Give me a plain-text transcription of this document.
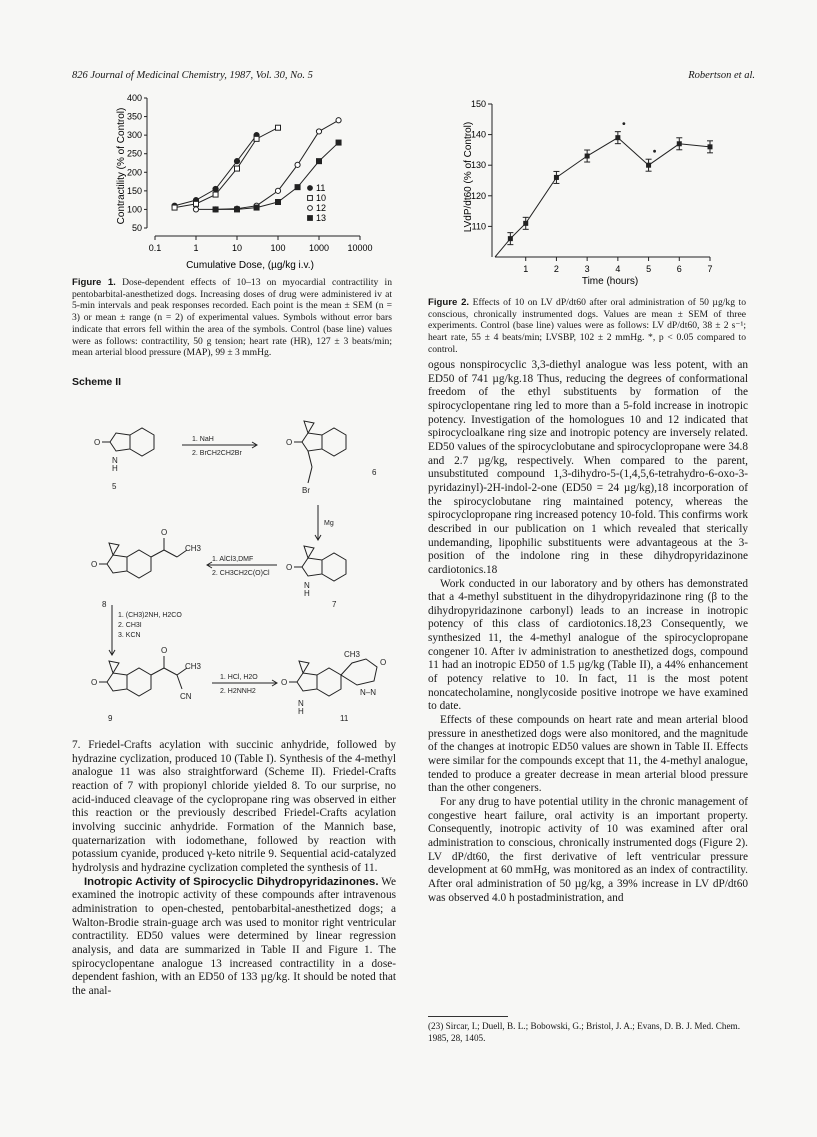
826 Journal of Medicinal Chemistry, 1987, Vol. 30, No. 5	Robertson et al.
Contractility (% of Control)
Cumulative Dose, (µg/kg i.v.)
50
100
150
200
250
300
350
400
0.1	1	10	100	1000 10000
11
10
12
13
Figure 1. Dose-dependent effects of 10–13 on myocardial contractility in pentobarbital-anesthetized dogs. Increasing doses of drug were administered iv at 5-min intervals and peak responses recorded. Each point is the mean ± SEM (n = 3) or mean ± range (n = 2) of experimental values. Symbols without error bars indicate that errors fell within the area of the symbols. Control (base line) values were as follows: contractility, 50 g tension; heart rate (HR), 127 ± 3 beats/min; mean arterial blood pressure (MAP), 99 ± 3 mmHg.
LVdP/dt60 (% of Control)
Time (hours)
110
120
130
140
150
1	2	3	4	5	6	7
Figure 2. Effects of 10 on LV dP/dt60 after oral administration of 50 µg/kg to conscious, chronically instrumented dogs. Values are mean ± SEM of three experiments. Control (base line) values were as follows: LV dP/dt60, 38 ± 2 s⁻¹; heart rate, 55 ± 4 beats/min; LVSBP, 102 ± 2 mmHg. *, p < 0.05 compared to control.
Scheme II
O
N
H
O
Br
O
N
H
O
O
CH3
O
O
CH3
CN
O
N
H
CH3
O
N–N
1. NaH
2. BrCH2CH2Br
Mg
1. AlCl3,DMF
2. CH3CH2C(O)Cl
1. (CH3)2NH, H2CO
2. CH3I
3. KCN
1. HCl, H2O
2. H2NNH2
5
6
7
8
9	11

7. Friedel-Crafts acylation with succinic anhydride, followed by hydrazine cyclization, produced 10 (Table I). Synthesis of the 4-methyl analogue 11 was also straightforward (Scheme II). Friedel-Crafts reaction of 7 with propionyl chloride yielded 8. To our surprise, no acid-induced cleavage of the cyclopropane ring was observed in either this reaction or the previously described Friedel-Crafts acylation involving succinic anhydride. Formation of the Mannich base, quaternarization with iodomethane, followed by reaction with potassium cyanide, produced γ-keto nitrile 9. Sequential acid-catalyzed hydrolysis and hydrazine cyclization completed the synthesis of 11.

Inotropic Activity of Spirocyclic Dihydropyridazinones. We examined the inotropic activity of these compounds after intravenous administration to open-chested, pentobarbital-anesthetized dogs; a Walton-Brodie strain-guage arch was used to monitor right ventricular contractility. ED50 values were determined by linear regression analysis, and data are summarized in Table II and Figure 1. The spirocyclopentane analogue 13 increased contractility in a dose-dependent fashion, with an ED50 of 133 µg/kg. It should be noted that the anal-

ogous nonspirocyclic 3,3-diethyl analogue was less potent, with an ED50 of 741 µg/kg.18 Thus, reducing the degrees of conformational freedom of the ethyl substituents by formation of the spirocyclopentane ring led to more than a 5-fold increase in inotropic potency. Investigation of the homologues 10 and 12 indicated that spirocycloalkane ring size and inotropic potency are inversely related. ED50 values of the spirocyclobutane and spirocyclopropane were 34.8 and 2.7 µg/kg, respectively. When compared to the parent, unsubstituted compound 1,3-dihydro-5-(1,4,5,6-tetrahydro-6-oxo-3-pyridazinyl)-2H-indol-2-one (ED50 = 24 µg/kg),18 incorporation of the spirocyclobutane ring maintained potency, whereas the spirocyclopropane ring increased potency 10-fold. This confirms work described in our publication on 1 which revealed that sterically undemanding, lipophilic substituents were advantageous at the 3-position of the indolone ring in these dihydropyridazinone cardiotonics.18

Work conducted in our laboratory and by others has demonstrated that a 4-methyl substituent in the dihydropyridazinone ring (β to the dihydropyridazinone carbonyl) leads to an increase in inotropic potency of this class of cardiotonics.18,23 Consequently, we synthesized 11, the 4-methyl analogue of the spirocyclopropane congener 10. After iv administration to anesthetized dogs, compound 11 had an inotropic ED50 of 1.5 µg/kg (Table II), a 44% enhancement of potency relative to 10. In fact, 11 is the most potent noncatecholamine, nonglycoside positive inotrope we have examined to date.

Effects of these compounds on heart rate and mean arterial blood pressure in anesthetized dogs were also monitored, and the magnitude of the changes at inotropic ED50 values are shown in Table II. Effects were similar for the compounds except that 11, the 4-methyl analogue, tended to produce a greater decrease in mean arterial blood pressure than the other congeners.

For any drug to have potential utility in the chronic management of congestive heart failure, oral activity is an important property. Consequently, inotropic activity of 10 was examined after oral administration to conscious, chronically instrumented dogs (Figure 2). LV dP/dt60, the first derivative of left ventricular pressure development at 60 mmHg, was monitored as an index of contractility. After oral administration of 50 µg/kg, a 39% increase in LV dP/dt60 was observed 4.0 h postadministration, and

(23) Sircar, I.; Duell, B. L.; Bobowski, G.; Bristol, J. A.; Evans, D. B. J. Med. Chem. 1985, 28, 1405.
